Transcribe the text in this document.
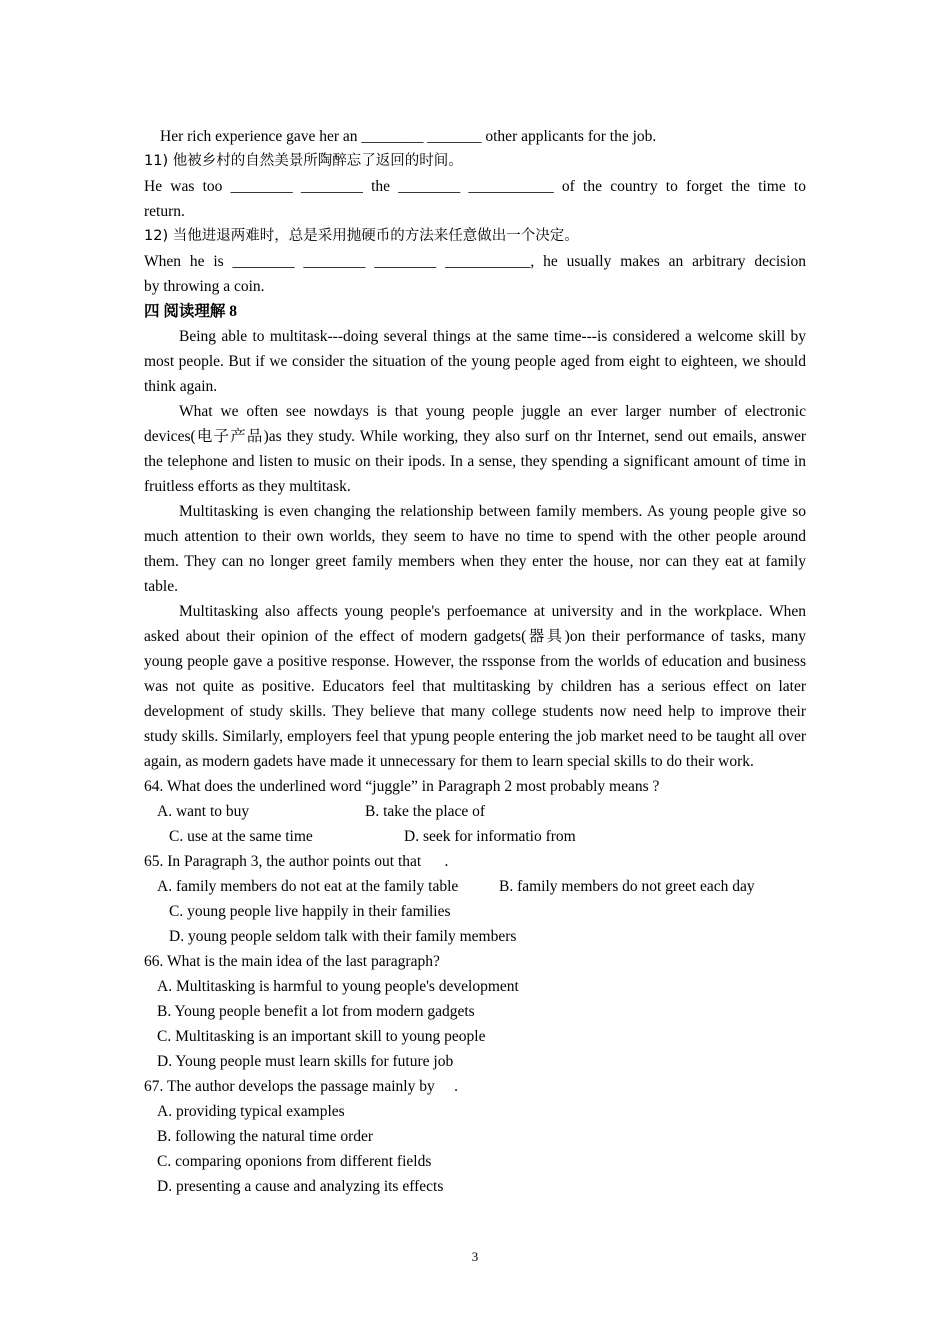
Her rich experience gave her an ________ _______ other applicants for the job.
11) 他被乡村的自然美景所陶醉忘了返回的时间。
He was too ________ ________ the ________ ___________ of the country to forget the time to
return.
12) 当他进退两难时，总是采用抛硬币的方法来任意做出一个决定。
When he is ________ ________ ________ ___________, he usually makes an arbitrary decision
by throwing a coin.
四 阅读理解 8
Being able to multitask---doing several things at the same time---is considered a welcome skill by most people. But if we consider the situation of the young people aged from eight to eighteen, we should think again.
What we often see nowdays is that young people juggle an ever larger number of electronic devices(电子产品)as they study. While working, they also surf on thr Internet, send out emails, answer the telephone and listen to music on their ipods. In a sense, they spending a significant amount of time in fruitless efforts as they multitask.
Multitasking is even changing the relationship between family members. As young people give so much attention to their own worlds, they seem to have no time to spend with the other people around them. They can no longer greet family members when they enter the house, nor can they eat at family table.
Multitasking also affects young people's perfoemance at university and in the workplace. When asked about their opinion of the effect of modern gadgets(器具)on their performance of tasks, many young people gave a positive response. However, the rssponse from the worlds of education and business was not quite as positive. Educators feel that multitasking by children has a serious effect on later development of study skills. They believe that many college students now need help to improve their study skills. Similarly, employers feel that ypung people entering the job market need to be taught all over again, as modern gadets have made it unnecessary for them to learn special skills to do their work.
64. What does the underlined word “juggle” in Paragraph 2 most probably means ?
A. want to buy	B. take the place of
C. use at the same time	D. seek for informatio from
65. In Paragraph 3, the author points out that      .
A. family members do not eat at the family table	B. family members do not greet each day
C. young people live happily in their families
D. young people seldom talk with their family members
66. What is the main idea of the last paragraph?
A. Multitasking is harmful to young people's development
B. Young people benefit a lot from modern gadgets
C. Multitasking is an important skill to young people
D. Young people must learn skills for future job
67. The author develops the passage mainly by     .
A. providing typical examples
B. following the natural time order
C. comparing oponions from different fields
D. presenting a cause and analyzing its effects
3
